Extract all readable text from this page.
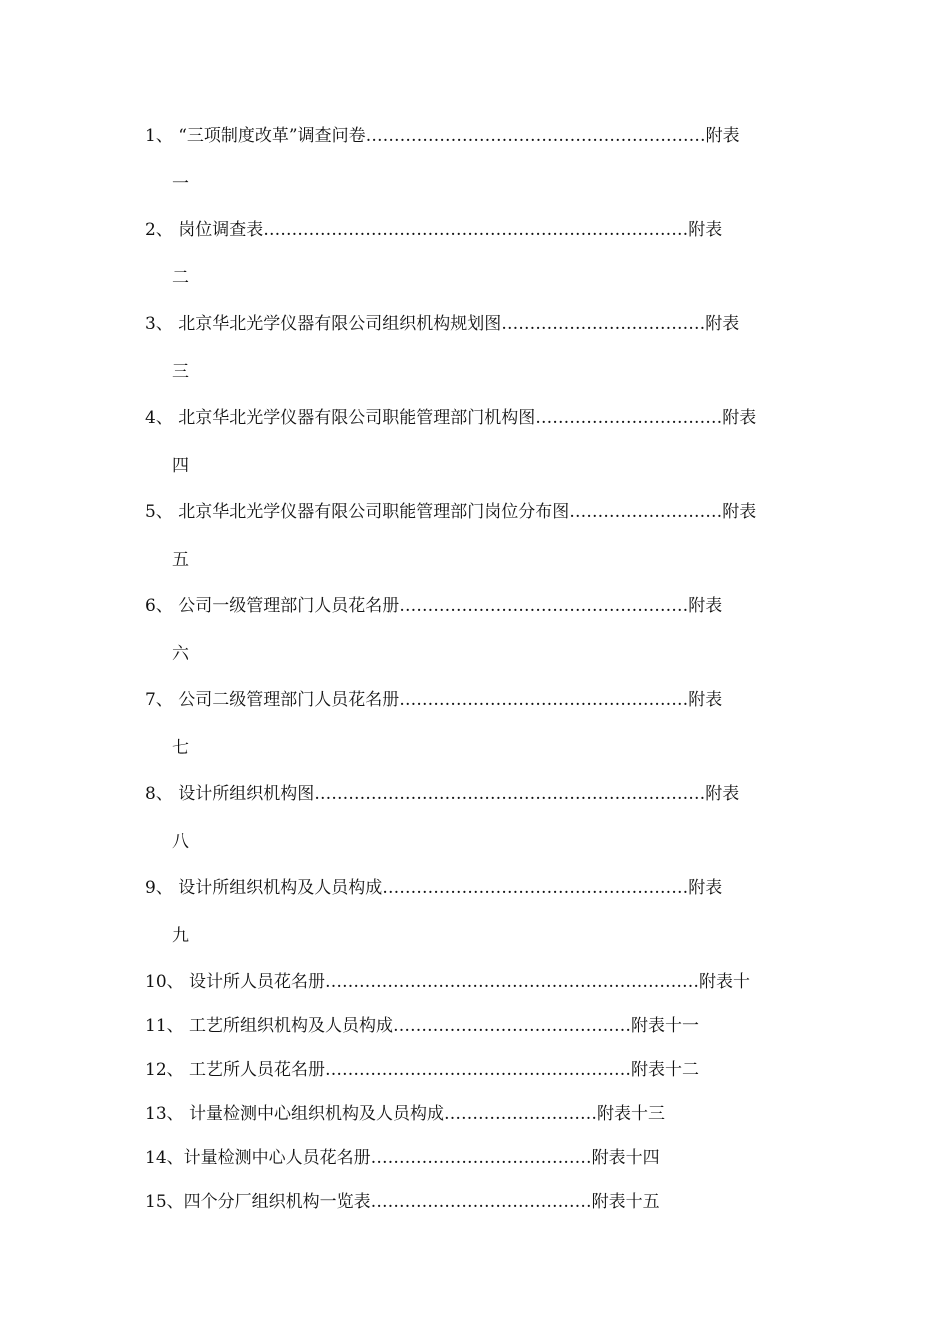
1、 “三项制度改革”调查问卷……………………………………………………附表
一
2、 岗位调查表…………………………………………………………………附表
二
3、 北京华北光学仪器有限公司组织机构规划图………………………………附表
三
4、 北京华北光学仪器有限公司职能管理部门机构图……………………………附表
四
5、 北京华北光学仪器有限公司职能管理部门岗位分布图………………………附表
五
6、 公司一级管理部门人员花名册……………………………………………附表
六
7、 公司二级管理部门人员花名册……………………………………………附表
七
8、 设计所组织机构图……………………………………………………………附表
八
9、 设计所组织机构及人员构成………………………………………………附表
九
10、 设计所人员花名册…………………………………………………………附表十
11、 工艺所组织机构及人员构成……………………………………附表十一
12、 工艺所人员花名册………………………………………………附表十二
13、 计量检测中心组织机构及人员构成………………………附表十三
14、计量检测中心人员花名册…………………………………附表十四
15、四个分厂组织机构一览表…………………………………附表十五
